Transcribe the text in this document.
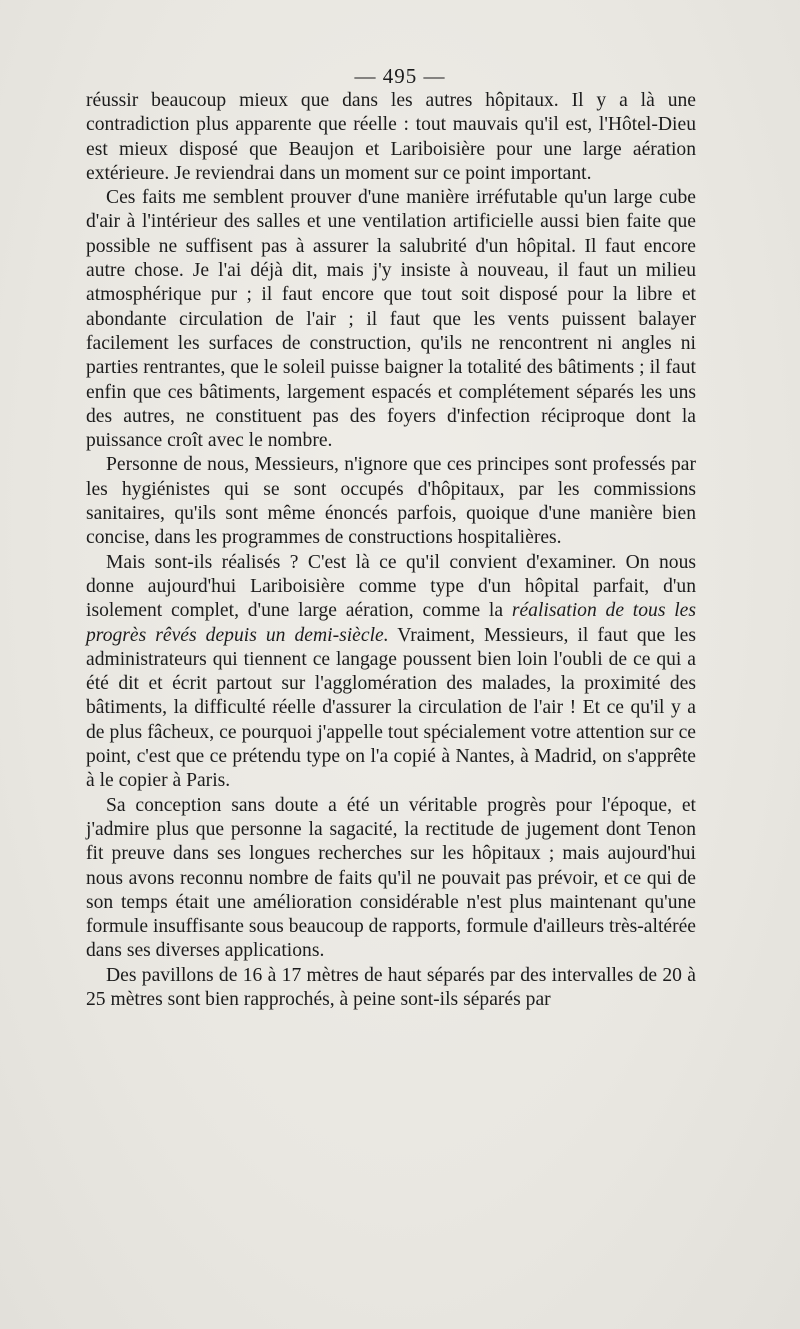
— 495 —

réussir beaucoup mieux que dans les autres hôpitaux. Il y a là une contradiction plus apparente que réelle : tout mauvais qu'il est, l'Hôtel-Dieu est mieux disposé que Beaujon et Lariboisière pour une large aération extérieure. Je reviendrai dans un moment sur ce point important.

Ces faits me semblent prouver d'une manière irréfutable qu'un large cube d'air à l'intérieur des salles et une ventilation artificielle aussi bien faite que possible ne suffisent pas à assurer la salubrité d'un hôpital. Il faut encore autre chose. Je l'ai déjà dit, mais j'y insiste à nouveau, il faut un milieu atmosphérique pur ; il faut encore que tout soit disposé pour la libre et abondante circulation de l'air ; il faut que les vents puissent balayer facilement les surfaces de construction, qu'ils ne rencontrent ni angles ni parties rentrantes, que le soleil puisse baigner la totalité des bâtiments ; il faut enfin que ces bâtiments, largement espacés et complétement séparés les uns des autres, ne constituent pas des foyers d'infection réciproque dont la puissance croît avec le nombre.

Personne de nous, Messieurs, n'ignore que ces principes sont professés par les hygiénistes qui se sont occupés d'hôpitaux, par les commissions sanitaires, qu'ils sont même énoncés parfois, quoique d'une manière bien concise, dans les programmes de constructions hospitalières.

Mais sont-ils réalisés ? C'est là ce qu'il convient d'examiner. On nous donne aujourd'hui Lariboisière comme type d'un hôpital parfait, d'un isolement complet, d'une large aération, comme la réalisation de tous les progrès rêvés depuis un demi-siècle. Vraiment, Messieurs, il faut que les administrateurs qui tiennent ce langage poussent bien loin l'oubli de ce qui a été dit et écrit partout sur l'agglomération des malades, la proximité des bâtiments, la difficulté réelle d'assurer la circulation de l'air ! Et ce qu'il y a de plus fâcheux, ce pourquoi j'appelle tout spécialement votre attention sur ce point, c'est que ce prétendu type on l'a copié à Nantes, à Madrid, on s'apprête à le copier à Paris.

Sa conception sans doute a été un véritable progrès pour l'époque, et j'admire plus que personne la sagacité, la rectitude de jugement dont Tenon fit preuve dans ses longues recherches sur les hôpitaux ; mais aujourd'hui nous avons reconnu nombre de faits qu'il ne pouvait pas prévoir, et ce qui de son temps était une amélioration considérable n'est plus maintenant qu'une formule insuffisante sous beaucoup de rapports, formule d'ailleurs très-altérée dans ses diverses applications.

Des pavillons de 16 à 17 mètres de haut séparés par des intervalles de 20 à 25 mètres sont bien rapprochés, à peine sont-ils séparés par
